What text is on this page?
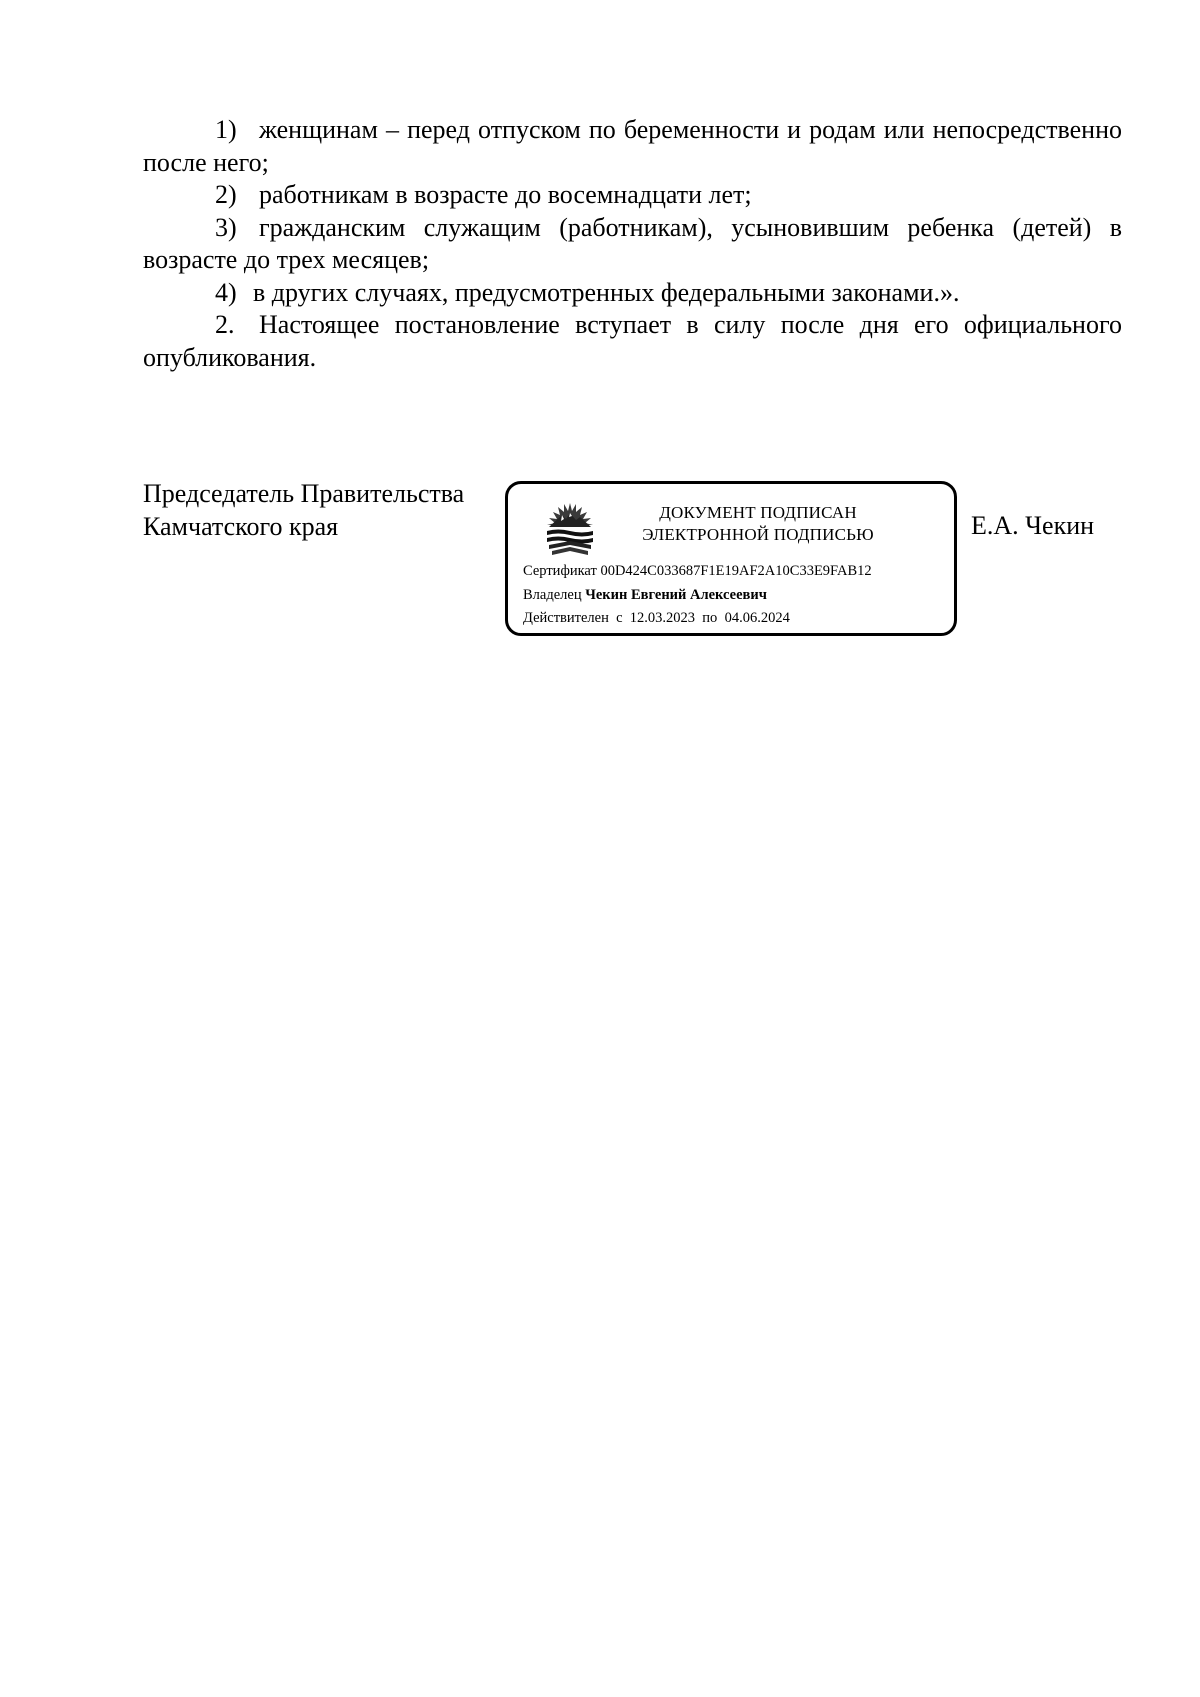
1) женщинам – перед отпуском по беременности и родам или непосредственно после него;

2) работникам в возрасте до восемнадцати лет;

3) гражданским служащим (работникам), усыновившим ребенка (детей) в возрасте до трех месяцев;

4) в других случаях, предусмотренных федеральными законами.».

2. Настоящее постановление вступает в силу после дня его официального опубликования.

Председатель Правительства
Камчатского края	ДОКУМЕНТ ПОДПИСАН
ЭЛЕКТРОННОЙ ПОДПИСЬЮ
Сертификат 00D424C033687F1E19AF2A10C33E9FAB12
Владелец Чекин Евгений Алексеевич
Действителен с 12.03.2023 по 04.06.2024
Е.А. Чекин
